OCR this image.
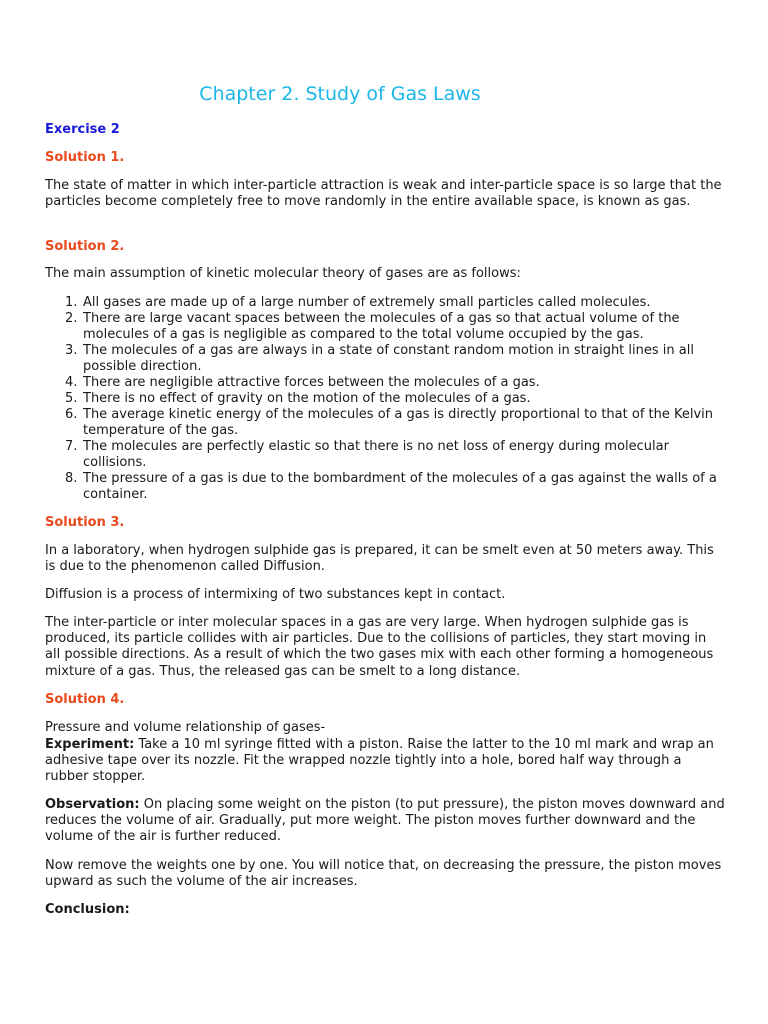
Chapter 2. Study of Gas Laws
Exercise 2
Solution 1.

The state of matter in which inter-particle attraction is weak and inter-particle space is so large that the particles become completely free to move randomly in the entire available space, is known as gas.

Solution 2.

The main assumption of kinetic molecular theory of gases are as follows:

1. All gases are made up of a large number of extremely small particles called molecules.
2. There are large vacant spaces between the molecules of a gas so that actual volume of the molecules of a gas is negligible as compared to the total volume occupied by the gas.
3. The molecules of a gas are always in a state of constant random motion in straight lines in all possible direction.
4. There are negligible attractive forces between the molecules of a gas.
5. There is no effect of gravity on the motion of the molecules of a gas.
6. The average kinetic energy of the molecules of a gas is directly proportional to that of the Kelvin temperature of the gas.
7. The molecules are perfectly elastic so that there is no net loss of energy during molecular collisions.
8. The pressure of a gas is due to the bombardment of the molecules of a gas against the walls of a container.
Solution 3.

In a laboratory, when hydrogen sulphide gas is prepared, it can be smelt even at 50 meters away. This is due to the phenomenon called Diffusion.

Diffusion is a process of intermixing of two substances kept in contact.

The inter-particle or inter molecular spaces in a gas are very large. When hydrogen sulphide gas is produced, its particle collides with air particles. Due to the collisions of particles, they start moving in all possible directions. As a result of which the two gases mix with each other forming a homogeneous mixture of a gas. Thus, the released gas can be smelt to a long distance.

Solution 4.

Pressure and volume relationship of gases-

Experiment: Take a 10 ml syringe fitted with a piston. Raise the latter to the 10 ml mark and wrap an adhesive tape over its nozzle. Fit the wrapped nozzle tightly into a hole, bored half way through a rubber stopper.

Observation: On placing some weight on the piston (to put pressure), the piston moves downward and reduces the volume of air. Gradually, put more weight. The piston moves further downward and the volume of the air is further reduced.

Now remove the weights one by one. You will notice that, on decreasing the pressure, the piston moves upward as such the volume of the air increases.

Conclusion:
